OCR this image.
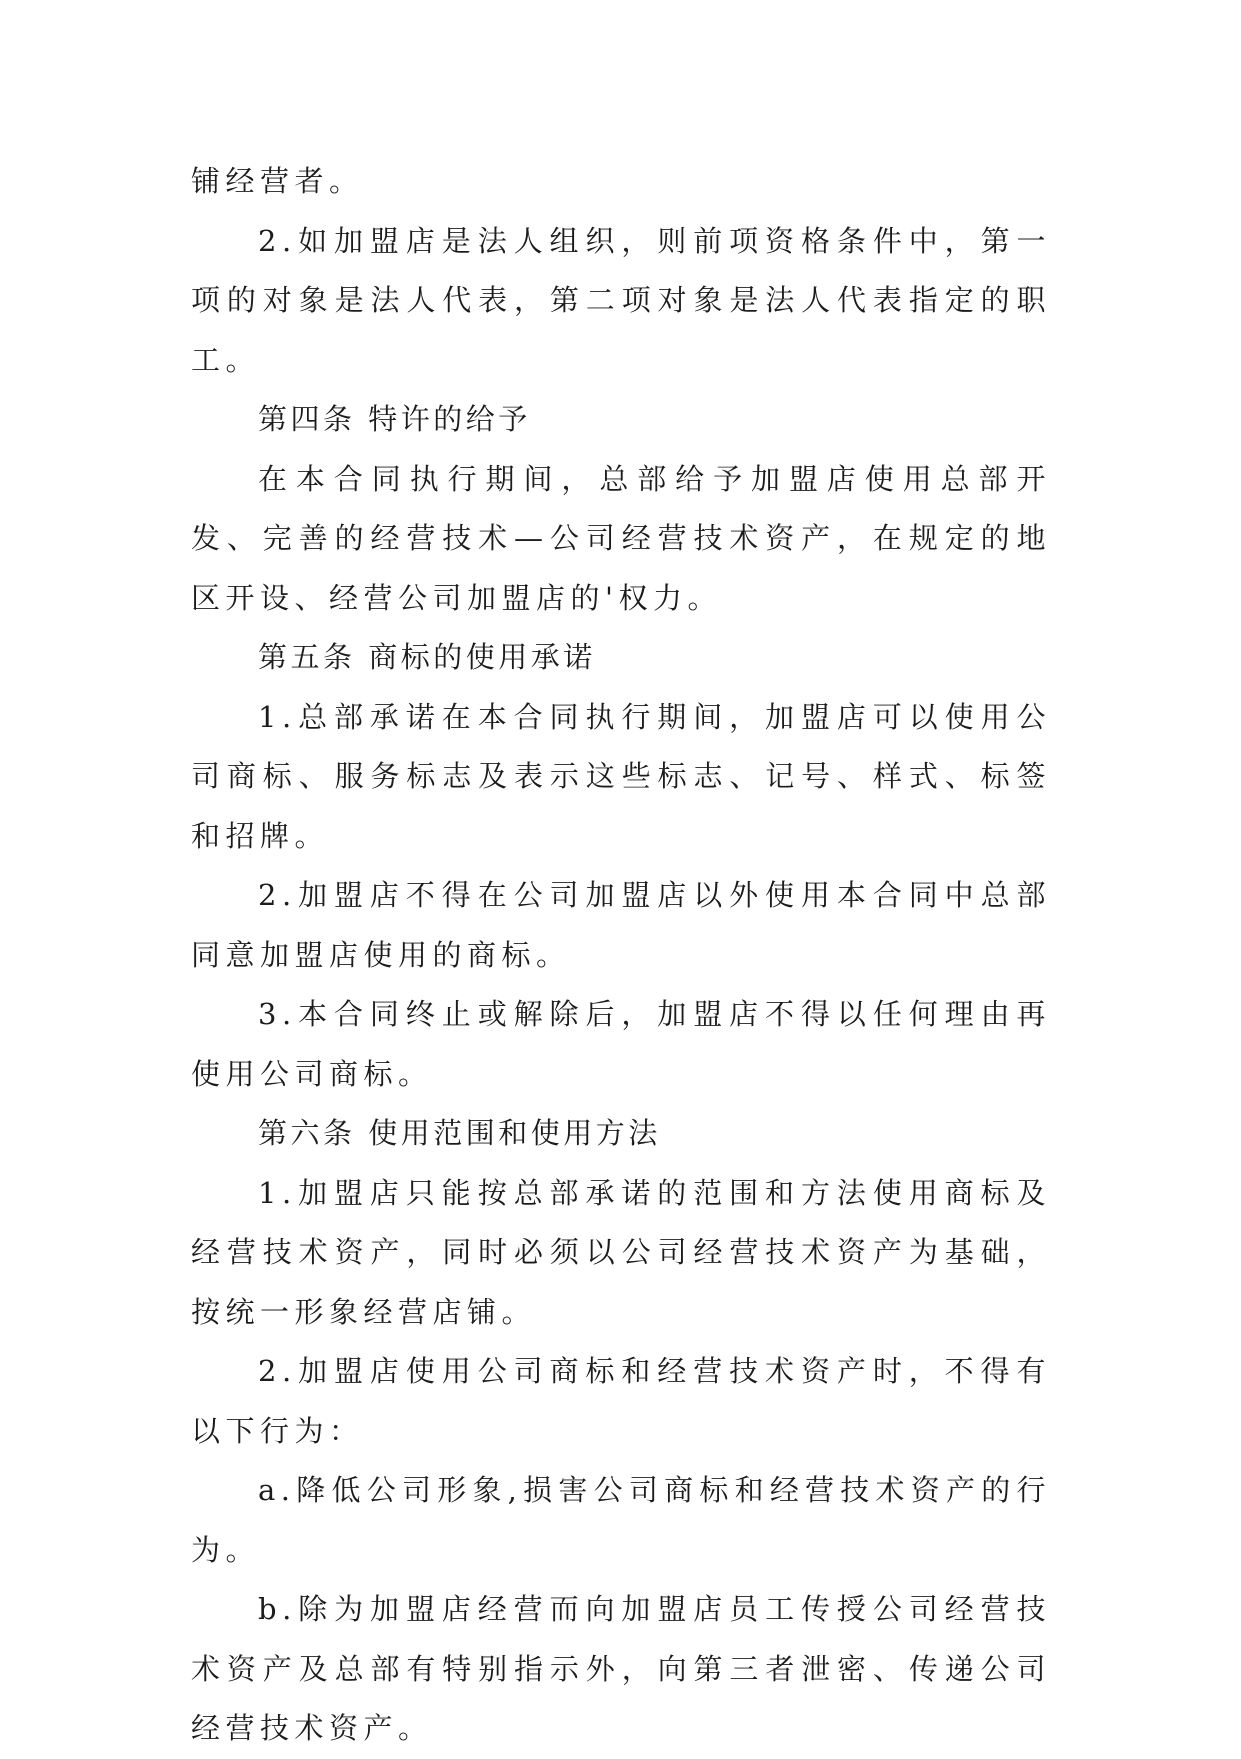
铺经营者。

2.如加盟店是法人组织，则前项资格条件中，第一项的对象是法人代表，第二项对象是法人代表指定的职工。

第四条 特许的给予

在本合同执行期间，总部给予加盟店使用总部开发、完善的经营技术—公司经营技术资产，在规定的地区开设、经营公司加盟店的'权力。

第五条 商标的使用承诺

1.总部承诺在本合同执行期间，加盟店可以使用公司商标、服务标志及表示这些标志、记号、样式、标签和招牌。

2.加盟店不得在公司加盟店以外使用本合同中总部同意加盟店使用的商标。

3.本合同终止或解除后，加盟店不得以任何理由再使用公司商标。

第六条 使用范围和使用方法

1.加盟店只能按总部承诺的范围和方法使用商标及经营技术资产，同时必须以公司经营技术资产为基础，按统一形象经营店铺。

2.加盟店使用公司商标和经营技术资产时，不得有以下行为：

a.降低公司形象,损害公司商标和经营技术资产的行为。

b.除为加盟店经营而向加盟店员工传授公司经营技术资产及总部有特别指示外，向第三者泄密、传递公司经营技术资产。
